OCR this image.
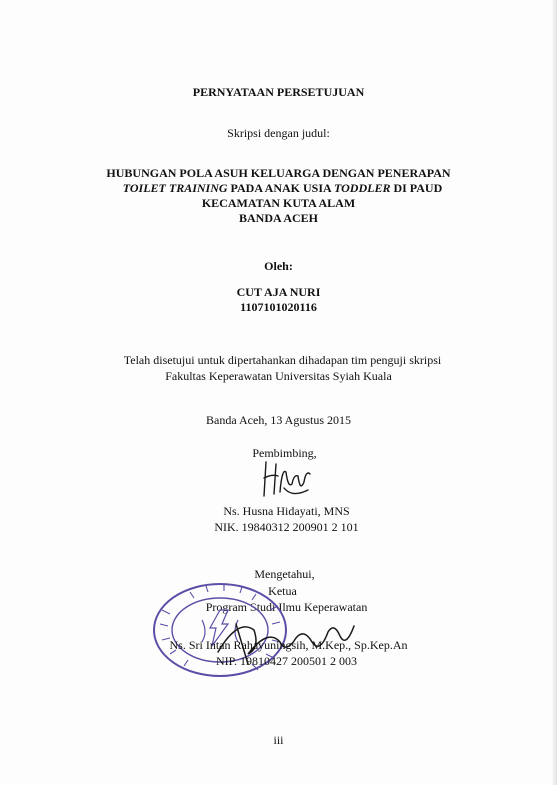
PERNYATAAN PERSETUJUAN
Skripsi dengan judul:
HUBUNGAN POLA ASUH KELUARGA DENGAN PENERAPAN
TOILET TRAINING PADA ANAK USIA TODDLER DI PAUD
KECAMATAN KUTA ALAM
BANDA ACEH
Oleh:
CUT AJA NURI
1107101020116
Telah disetujui untuk dipertahankan dihadapan tim penguji skripsi
Fakultas Keperawatan Universitas Syiah Kuala
Banda Aceh, 13 Agustus 2015
Pembimbing,
Ns. Husna Hidayati, MNS
NIK. 19840312 200901 2 101
Mengetahui,
Ketua
Program Studi Ilmu Keperawatan
Ns. Sri Intan Rahayuningsih, M.Kep., Sp.Kep.An
NIP. 19810427 200501 2 003
iii
